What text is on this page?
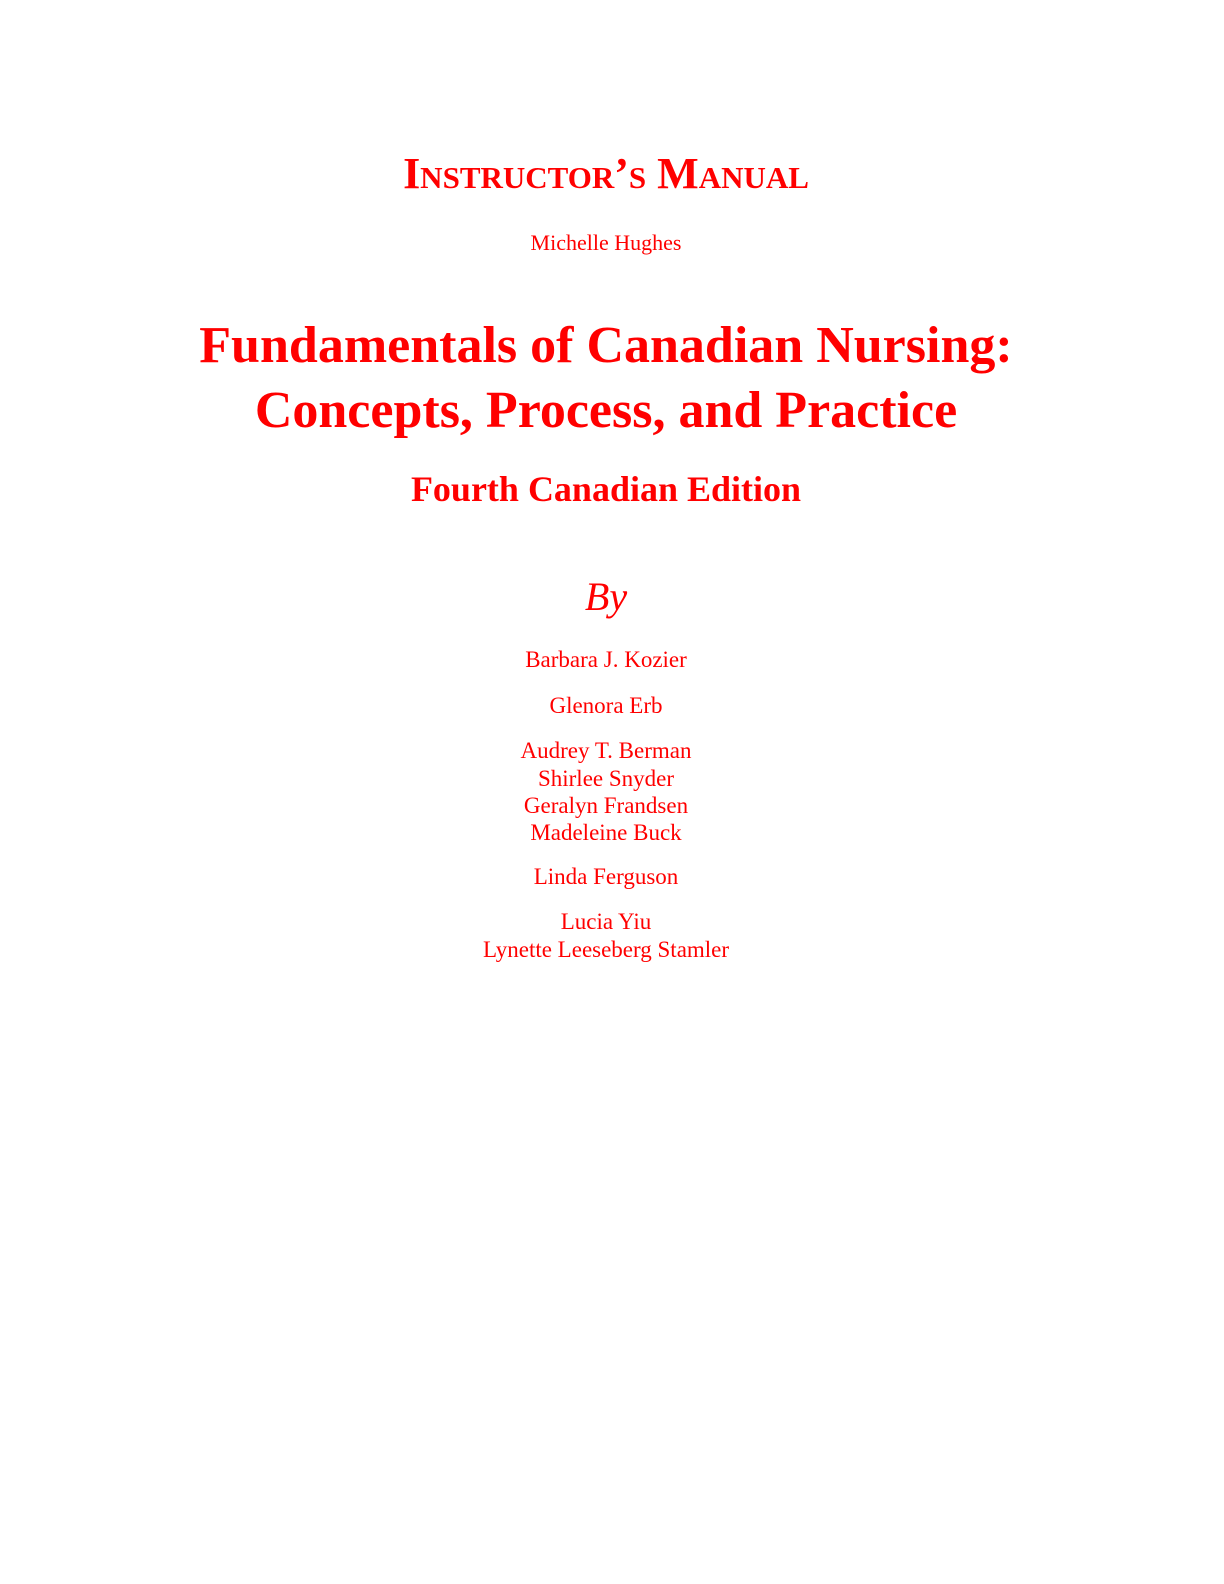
Instructor’s Manual
Michelle Hughes
Fundamentals of Canadian Nursing:
Concepts, Process, and Practice
Fourth Canadian Edition
By
Barbara J. Kozier
Glenora Erb
Audrey T. Berman
Shirlee Snyder
Geralyn Frandsen
Madeleine Buck
Linda Ferguson
Lucia Yiu
Lynette Leeseberg Stamler
